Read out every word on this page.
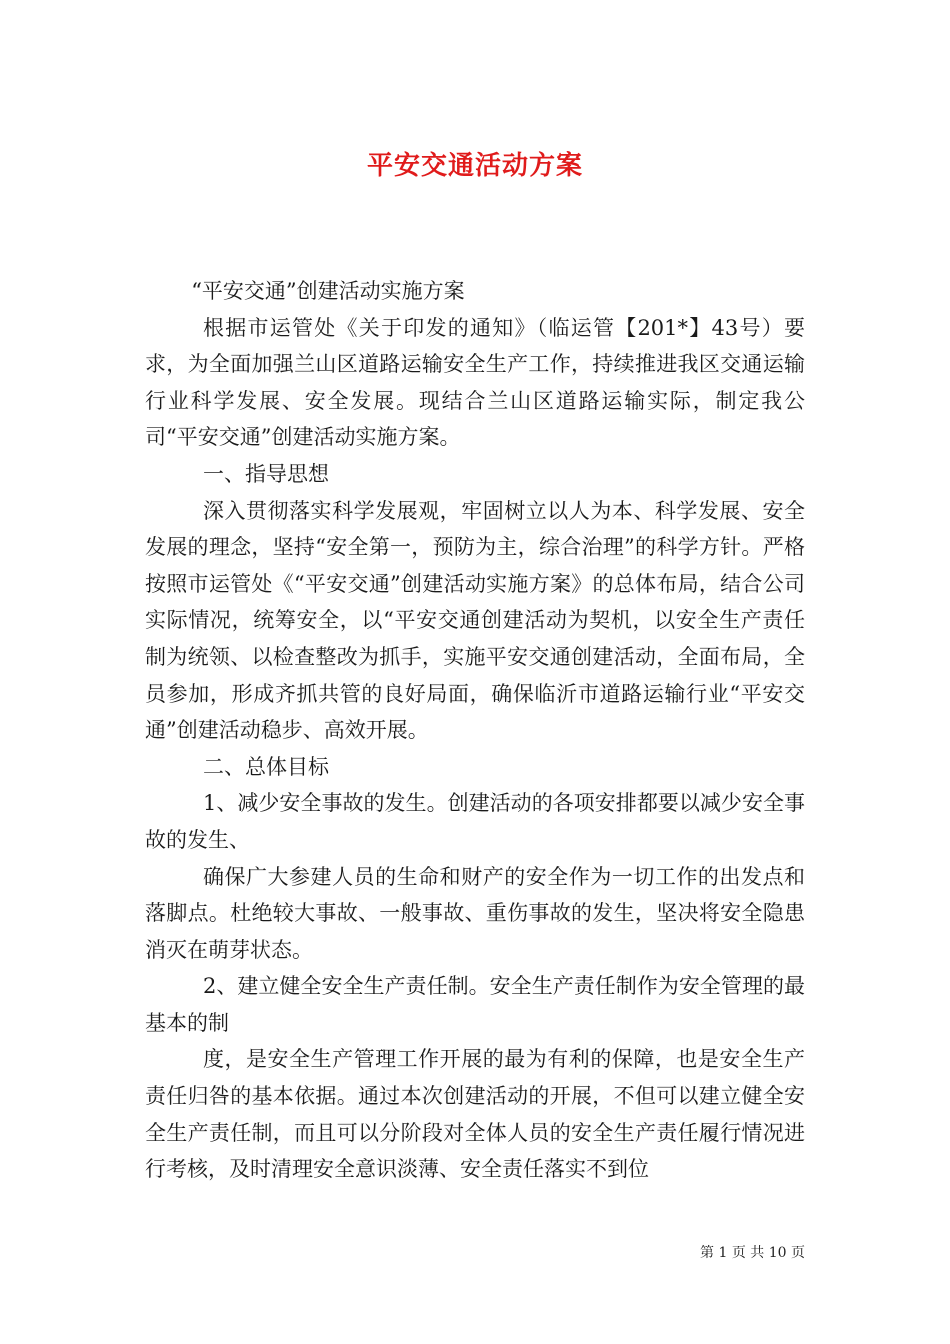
平安交通活动方案

“平安交通”创建活动实施方案

根据市运管处《关于印发的通知》（临运管【201*】43号）要求，为全面加强兰山区道路运输安全生产工作，持续推进我区交通运输行业科学发展、安全发展。现结合兰山区道路运输实际，制定我公司“平安交通”创建活动实施方案。

一、指导思想

深入贯彻落实科学发展观，牢固树立以人为本、科学发展、安全发展的理念，坚持“安全第一，预防为主，综合治理”的科学方针。严格按照市运管处《“平安交通”创建活动实施方案》的总体布局，结合公司实际情况，统筹安全，以“平安交通创建活动为契机，以安全生产责任制为统领、以检查整改为抓手，实施平安交通创建活动，全面布局，全员参加，形成齐抓共管的良好局面，确保临沂市道路运输行业“平安交通”创建活动稳步、高效开展。

二、总体目标

1、减少安全事故的发生。创建活动的各项安排都要以减少安全事故的发生、

确保广大参建人员的生命和财产的安全作为一切工作的出发点和落脚点。杜绝较大事故、一般事故、重伤事故的发生，坚决将安全隐患消灭在萌芽状态。

2、建立健全安全生产责任制。安全生产责任制作为安全管理的最基本的制

度，是安全生产管理工作开展的最为有利的保障，也是安全生产责任归咎的基本依据。通过本次创建活动的开展，不但可以建立健全安全生产责任制，而且可以分阶段对全体人员的安全生产责任履行情况进行考核，及时清理安全意识淡薄、安全责任落实不到位

第 1 页 共 10 页
